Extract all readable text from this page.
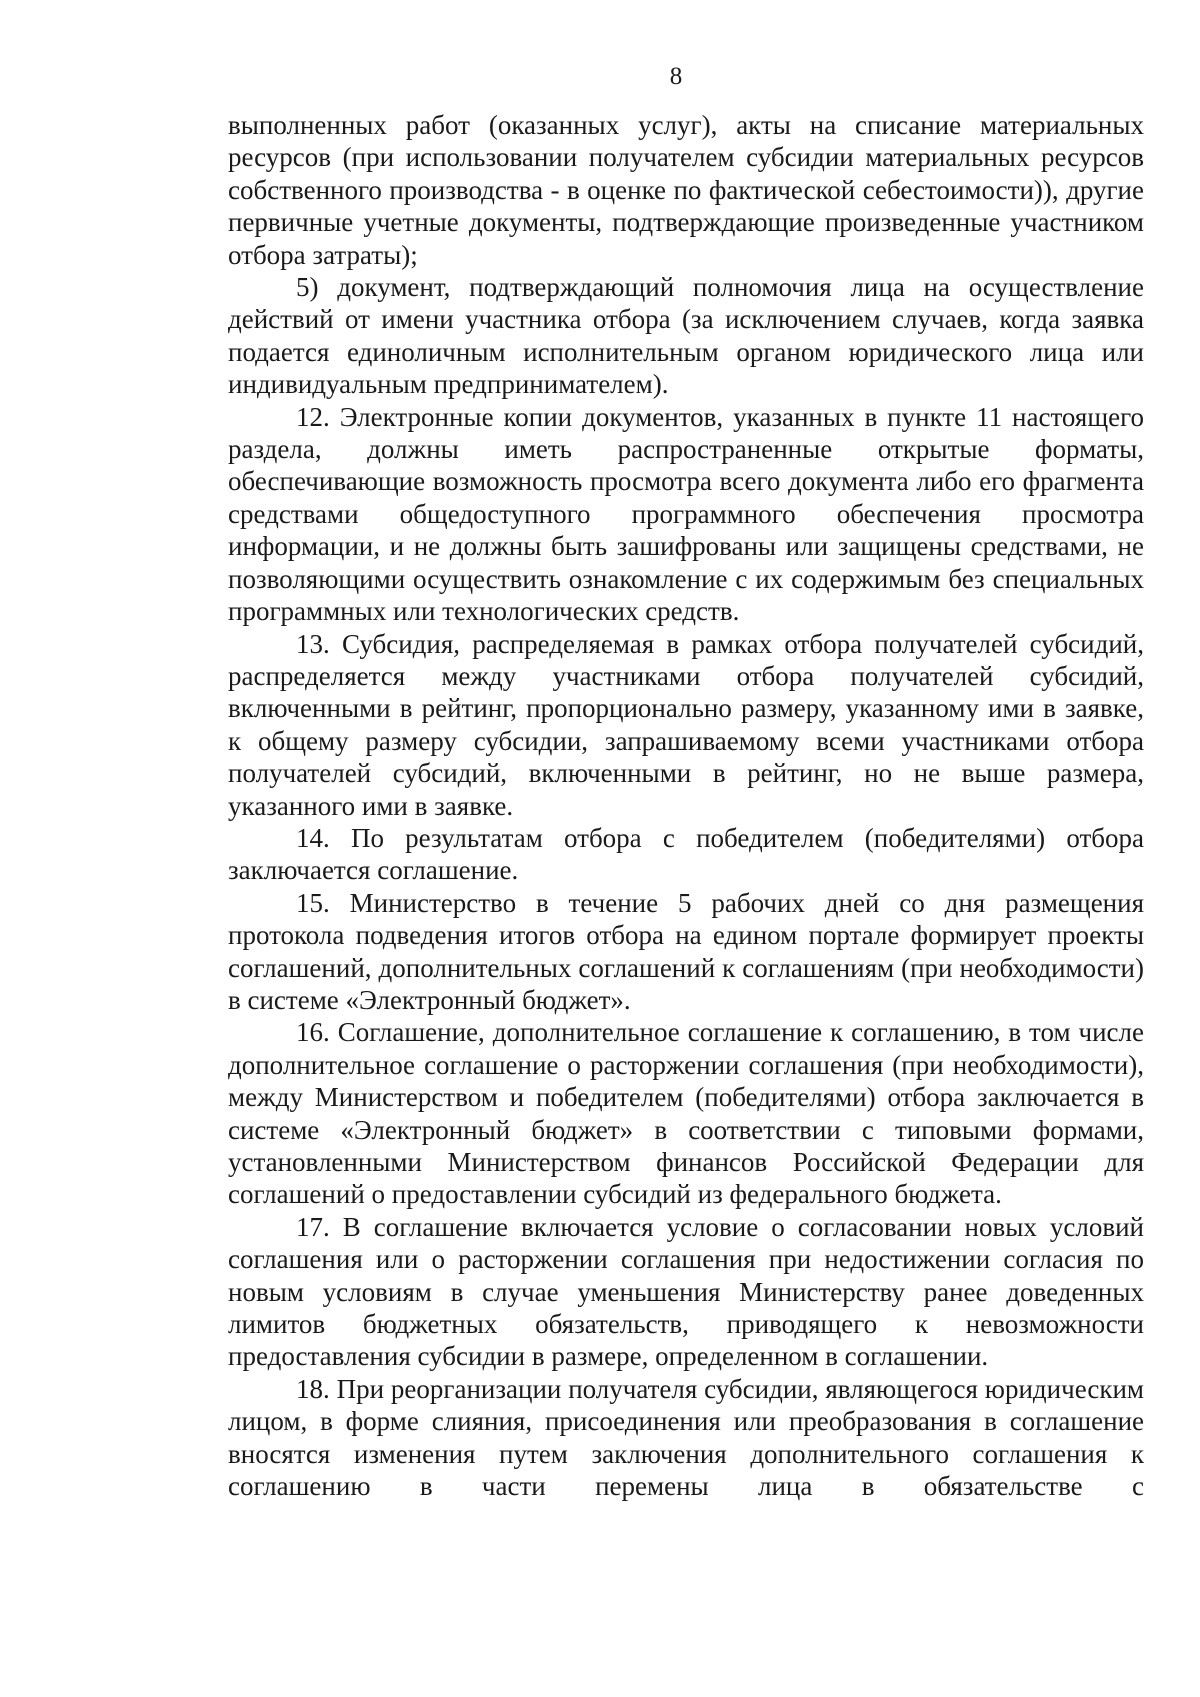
8

выполненных работ (оказанных услуг), акты на списание материальных ресурсов (при использовании получателем субсидии материальных ресурсов собственного производства - в оценке по фактической себестоимости)), другие первичные учетные документы, подтверждающие произведенные участником отбора затраты);

5) документ, подтверждающий полномочия лица на осуществление действий от имени участника отбора (за исключением случаев, когда заявка подается единоличным исполнительным органом юридического лица или индивидуальным предпринимателем).

12. Электронные копии документов, указанных в пункте 11 настоящего раздела, должны иметь распространенные открытые форматы, обеспечивающие возможность просмотра всего документа либо его фрагмента средствами общедоступного программного обеспечения просмотра информации, и не должны быть зашифрованы или защищены средствами, не позволяющими осуществить ознакомление с их содержимым без специальных программных или технологических средств.

13. Субсидия, распределяемая в рамках отбора получателей субсидий, распределяется между участниками отбора получателей субсидий, включенными в рейтинг, пропорционально размеру, указанному ими в заявке, к общему размеру субсидии, запрашиваемому всеми участниками отбора получателей субсидий, включенными в рейтинг, но не выше размера, указанного ими в заявке.

14. По результатам отбора с победителем (победителями) отбора заключается соглашение.

15. Министерство в течение 5 рабочих дней со дня размещения протокола подведения итогов отбора на едином портале формирует проекты соглашений, дополнительных соглашений к соглашениям (при необходимости) в системе «Электронный бюджет».

16. Соглашение, дополнительное соглашение к соглашению, в том числе дополнительное соглашение о расторжении соглашения (при необходимости), между Министерством и победителем (победителями) отбора заключается в системе «Электронный бюджет» в соответствии с типовыми формами, установленными Министерством финансов Российской Федерации для соглашений о предоставлении субсидий из федерального бюджета.

17. В соглашение включается условие о согласовании новых условий соглашения или о расторжении соглашения при недостижении согласия по новым условиям в случае уменьшения Министерству ранее доведенных лимитов бюджетных обязательств, приводящего к невозможности предоставления субсидии в размере, определенном в соглашении.

18. При реорганизации получателя субсидии, являющегося юридическим лицом, в форме слияния, присоединения или преобразования в соглашение вносятся изменения путем заключения дополнительного соглашения к соглашению в части перемены лица в обязательстве с
